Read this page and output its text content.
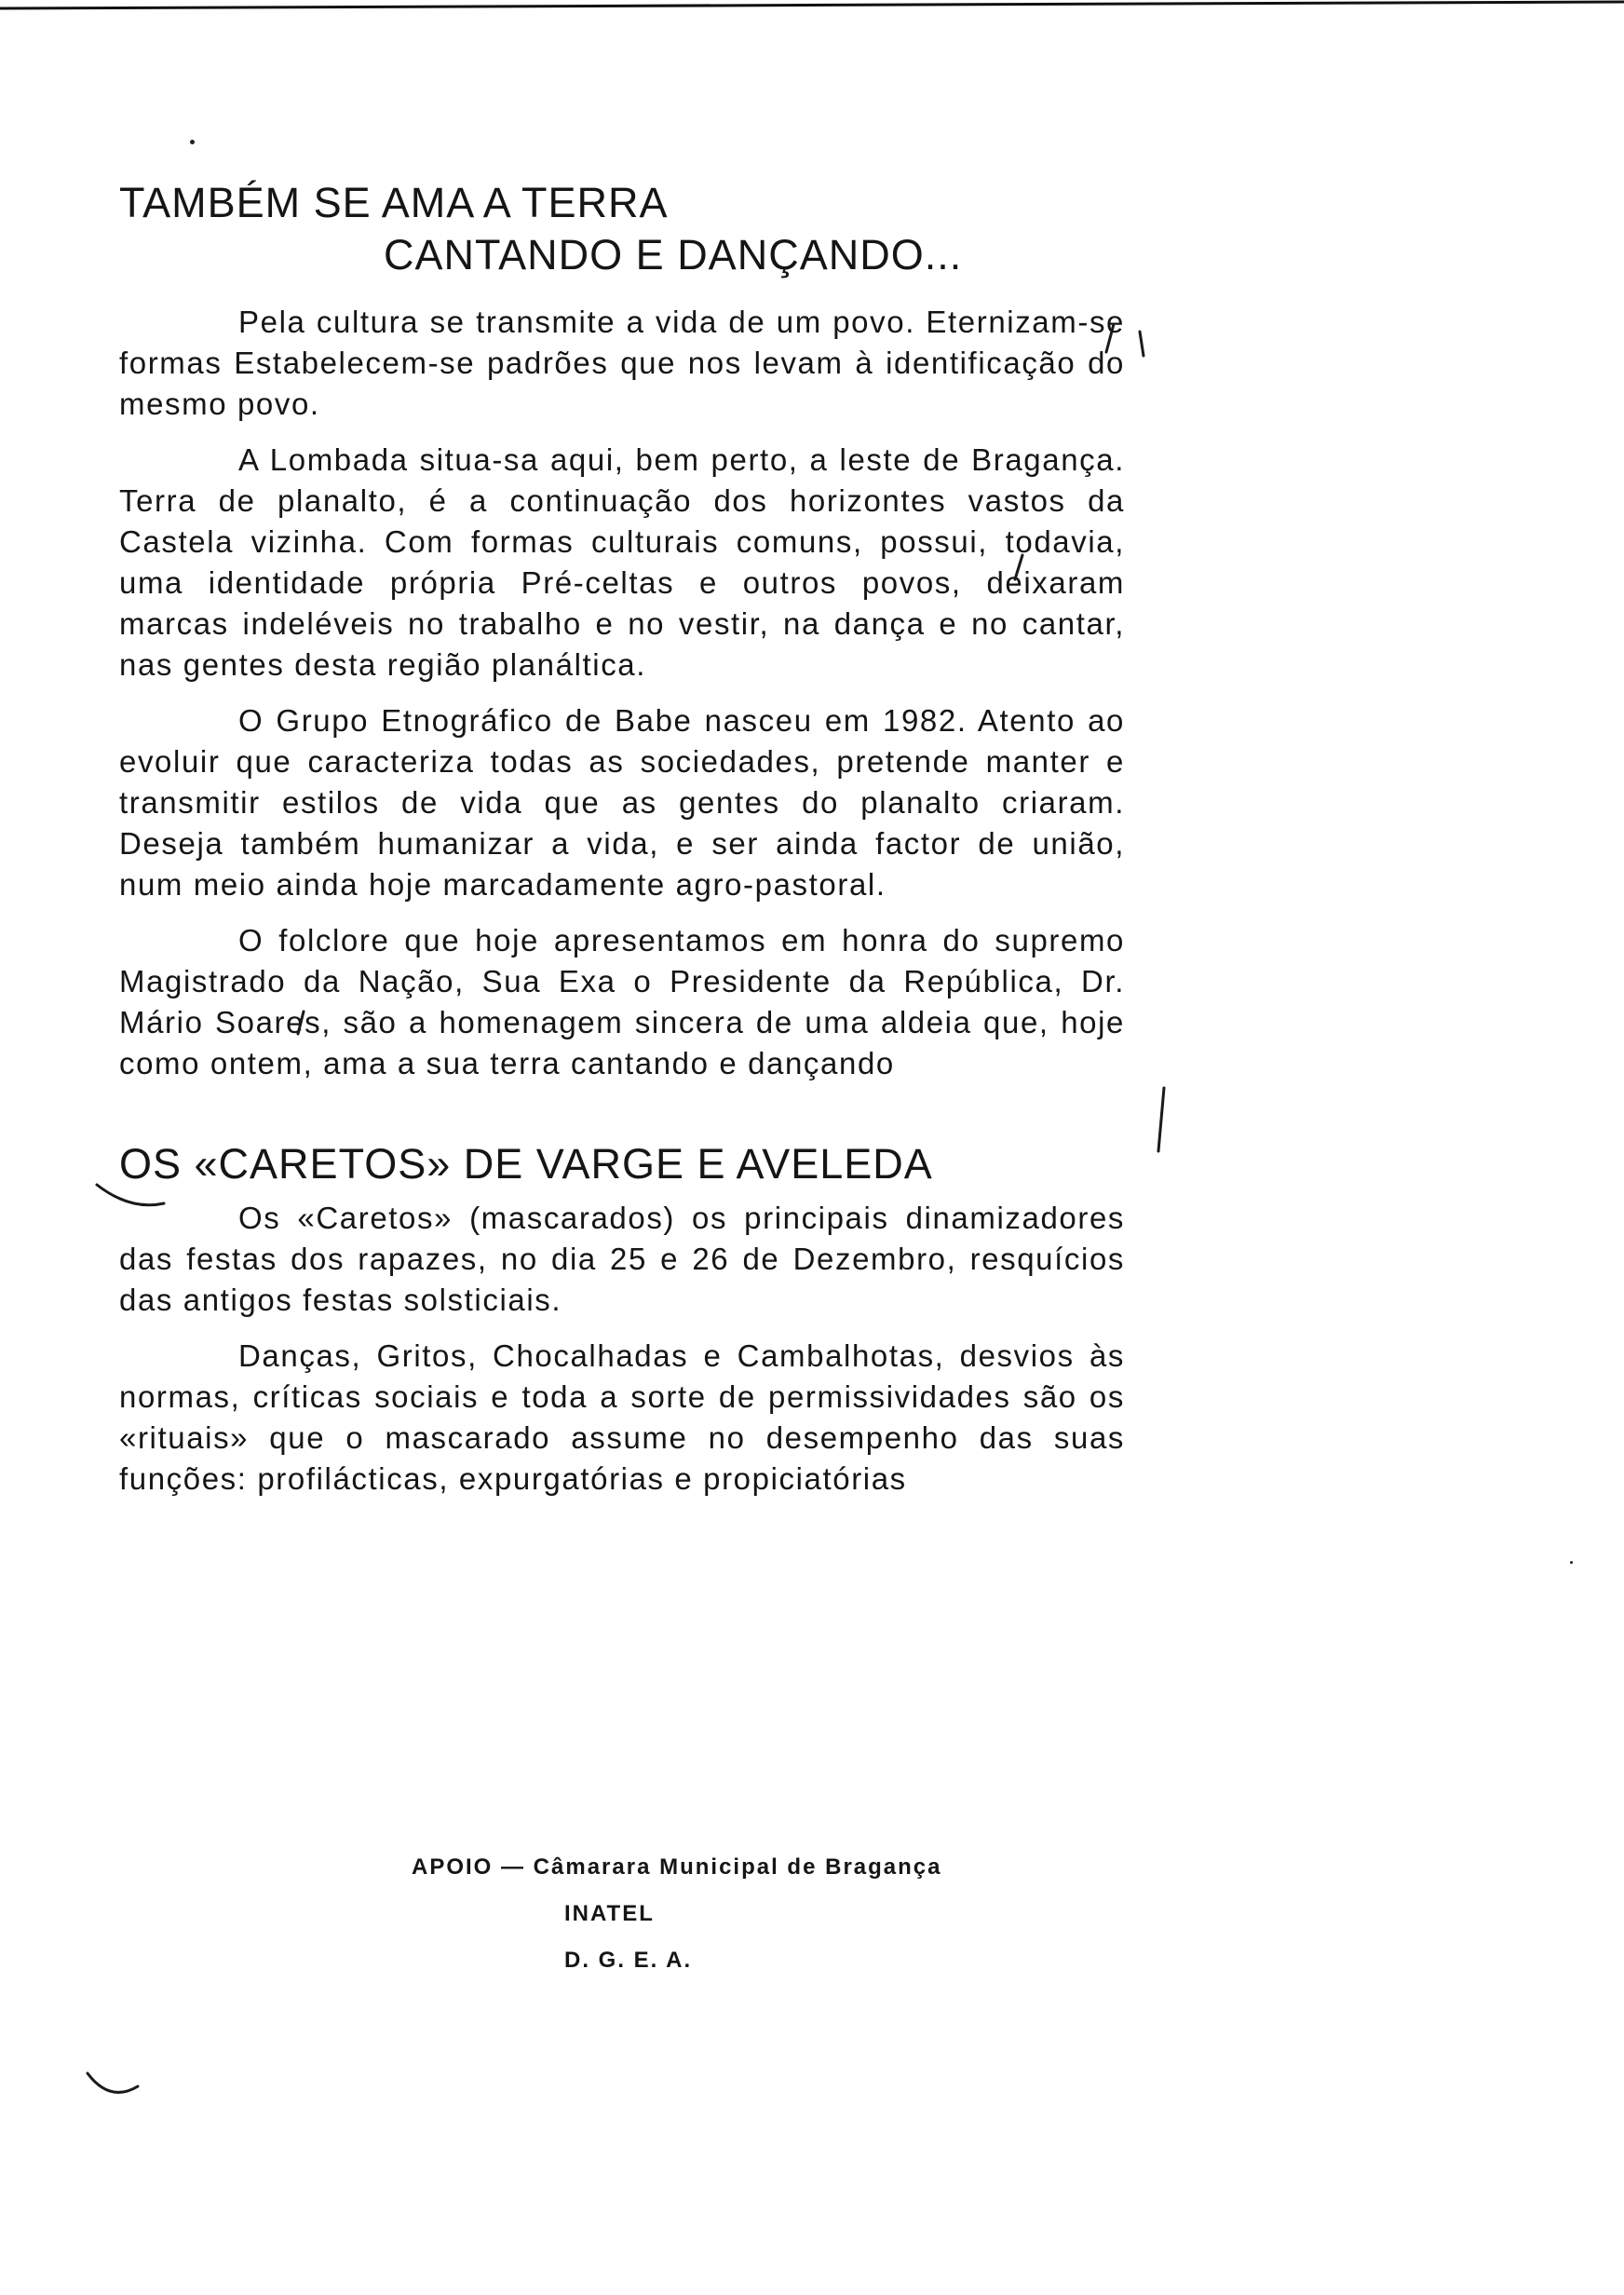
TAMBÉM SE AMA A TERRA
CANTANDO E DANÇANDO...

Pela cultura se transmite a vida de um povo. Eternizam-se formas Estabelecem-se padrões que nos levam à identificação do mesmo povo.

A Lombada situa-sa aqui, bem perto, a leste de Bragança. Terra de planalto, é a continuação dos horizontes vastos da Castela vizinha. Com formas culturais comuns, possui, todavia, uma identidade própria Pré-celtas e outros povos, deixaram marcas indeléveis no trabalho e no vestir, na dança e no cantar, nas gentes desta região planáltica.

O Grupo Etnográfico de Babe nasceu em 1982. Atento ao evoluir que caracteriza todas as sociedades, pretende manter e transmitir estilos de vida que as gentes do planalto criaram. Deseja também humanizar a vida, e ser ainda factor de união, num meio ainda hoje marcadamente agro-pastoral.

O folclore que hoje apresentamos em honra do supremo Magistrado da Nação, Sua Exa o Presidente da República, Dr. Mário Soares, são a homenagem sincera de uma aldeia que, hoje como ontem, ama a sua terra cantando e dançando

OS «CARETOS» DE VARGE E AVELEDA

Os «Caretos» (mascarados) os principais dinamizadores das festas dos rapazes, no dia 25 e 26 de Dezembro, resquícios das antigos festas solsticiais.

Danças, Gritos, Chocalhadas e Cambalhotas, desvios às normas, críticas sociais e toda a sorte de permissividades são os «rituais» que o mascarado assume no desempenho das suas funções: profilácticas, expurgatórias e propiciatórias

APOIO — Câmarara Municipal de Bragança
INATEL
D. G. E. A.
